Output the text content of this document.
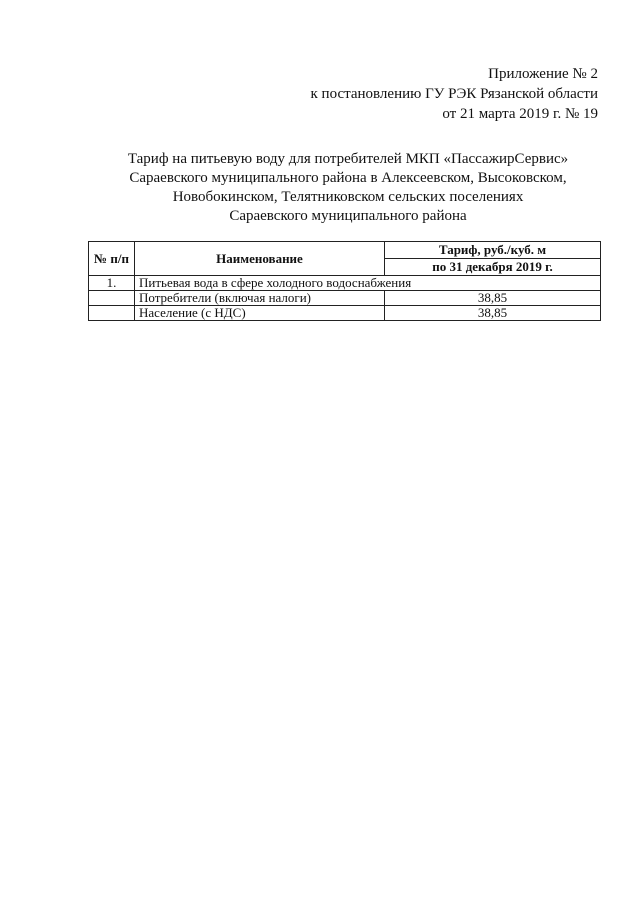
Приложение № 2
к постановлению ГУ РЭК Рязанской области
от 21 марта 2019 г. № 19
Тариф на питьевую воду для потребителей МКП «ПассажирСервис»
Сараевского муниципального района в Алексеевском, Высоковском,
Новобокинском, Телятниковском сельских поселениях
Сараевского муниципального района
№ п/п	Наименование	Тариф, руб./куб. м
		по 31 декабря 2019 г.
1.	Питьевая вода в сфере холодного водоснабжения	
	Потребители (включая налоги)	38,85
	Население (с НДС)	38,85
